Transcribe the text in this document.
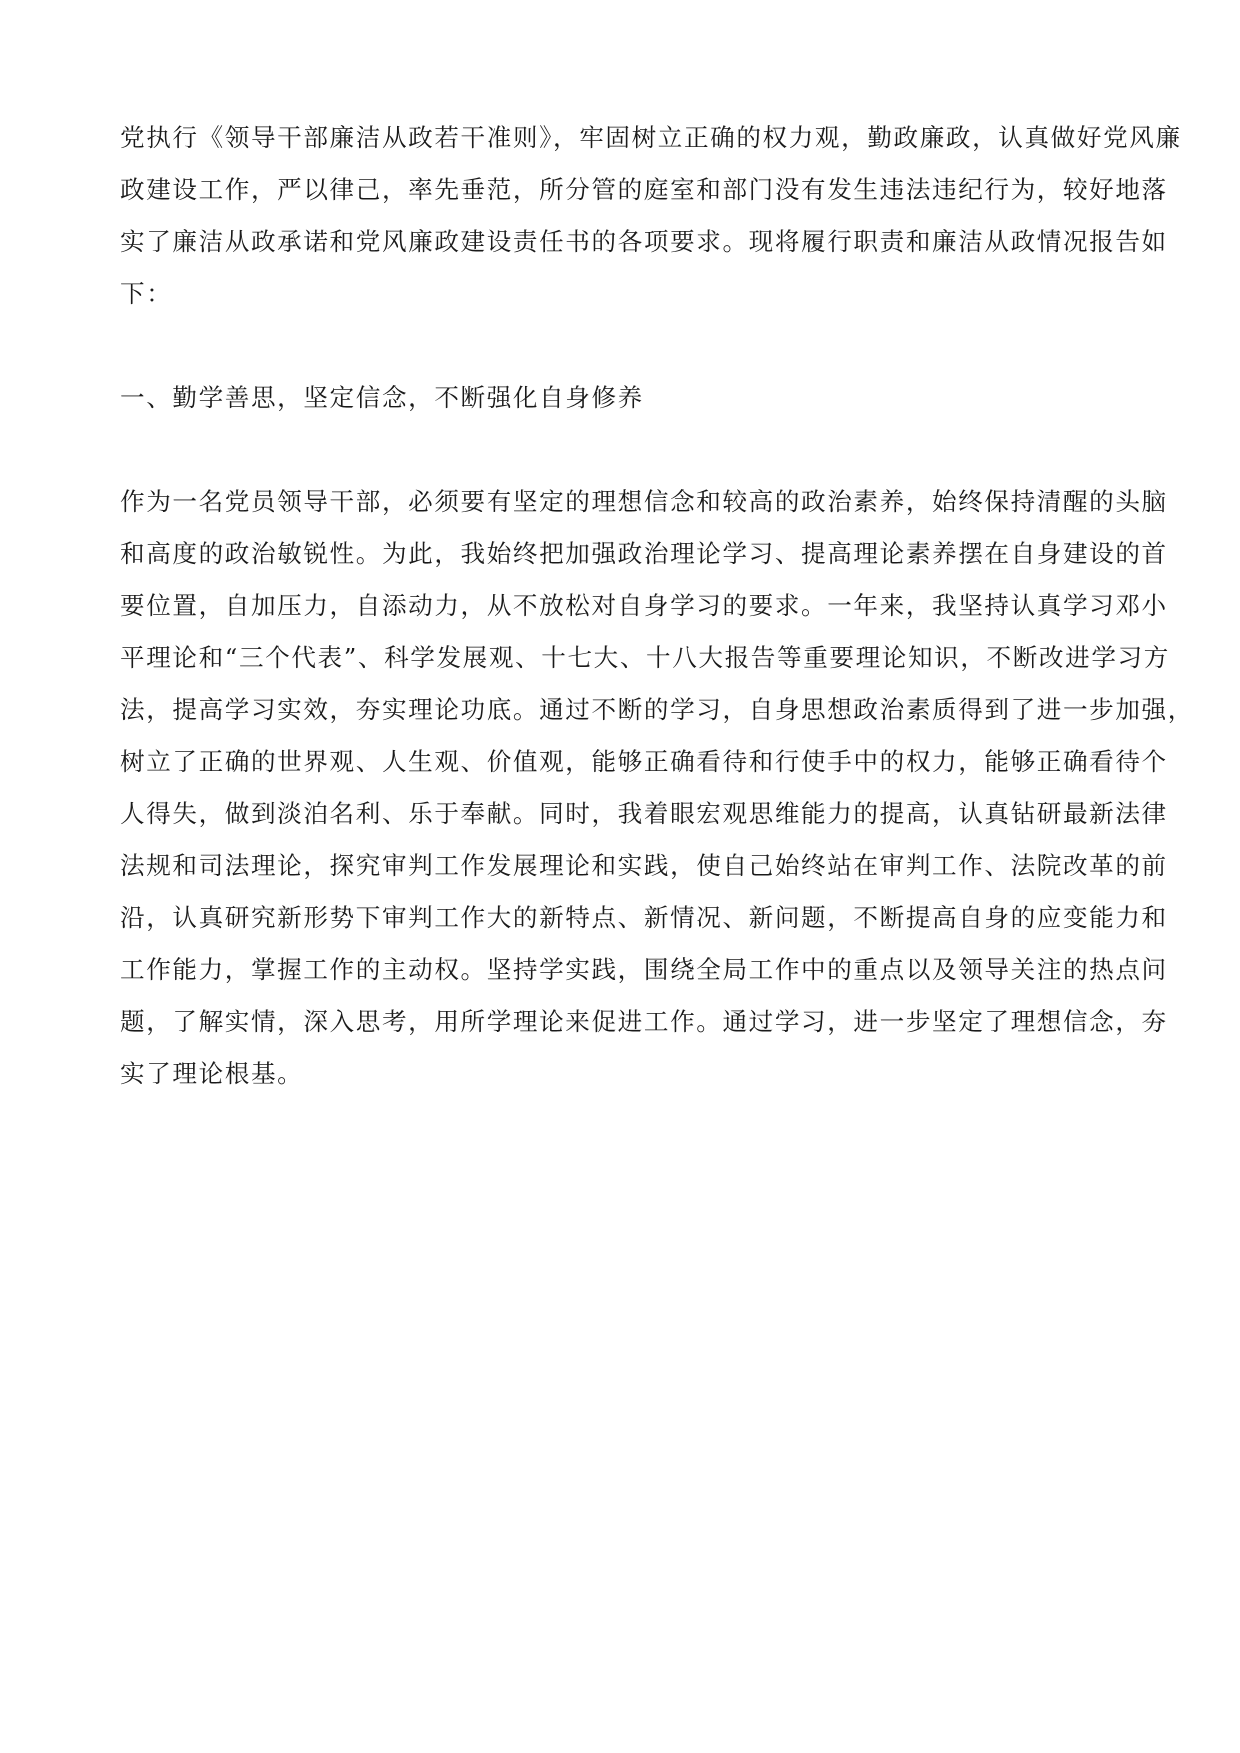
党执行《领导干部廉洁从政若干准则》，牢固树立正确的权力观，勤政廉政，认真做好党风廉
政建设工作，严以律己，率先垂范，所分管的庭室和部门没有发生违法违纪行为，较好地落
实了廉洁从政承诺和党风廉政建设责任书的各项要求。现将履行职责和廉洁从政情况报告如
下：

一、勤学善思，坚定信念，不断强化自身修养

作为一名党员领导干部，必须要有坚定的理想信念和较高的政治素养，始终保持清醒的头脑
和高度的政治敏锐性。为此，我始终把加强政治理论学习、提高理论素养摆在自身建设的首
要位置，自加压力，自添动力，从不放松对自身学习的要求。一年来，我坚持认真学习邓小
平理论和“三个代表”、科学发展观、十七大、十八大报告等重要理论知识，不断改进学习方
法，提高学习实效，夯实理论功底。通过不断的学习，自身思想政治素质得到了进一步加强，
树立了正确的世界观、人生观、价值观，能够正确看待和行使手中的权力，能够正确看待个
人得失，做到淡泊名利、乐于奉献。同时，我着眼宏观思维能力的提高，认真钻研最新法律
法规和司法理论，探究审判工作发展理论和实践，使自己始终站在审判工作、法院改革的前
沿，认真研究新形势下审判工作大的新特点、新情况、新问题，不断提高自身的应变能力和
工作能力，掌握工作的主动权。坚持学实践，围绕全局工作中的重点以及领导关注的热点问
题，了解实情，深入思考，用所学理论来促进工作。通过学习，进一步坚定了理想信念，夯
实了理论根基。
